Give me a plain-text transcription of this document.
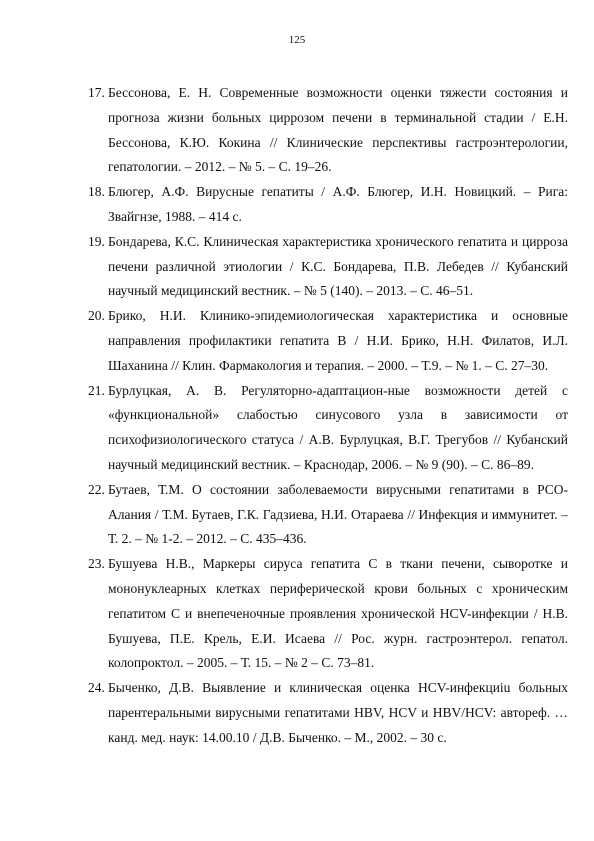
125
17. Бессонова, Е. Н. Современные возможности оценки тяжести состояния и прогноза жизни больных циррозом печени в терминальной стадии / Е.Н. Бессонова, К.Ю. Кокина // Клинические перспективы гастроэнтерологии, гепатологии. – 2012. – № 5. – С. 19–26.
18. Блюгер, А.Ф. Вирусные гепатиты / А.Ф. Блюгер, И.Н. Новицкий. – Рига: Звайгнзе, 1988. – 414 с.
19. Бондарева, К.С. Клиническая характеристика хронического гепатита и цирроза печени различной этиологии / К.С. Бондарева, П.В. Лебедев // Кубанский научный медицинский вестник. – № 5 (140). – 2013. – С. 46–51.
20. Брико, Н.И. Клинико-эпидемиологическая характеристика и основные направления профилактики гепатита В / Н.И. Брико, Н.Н. Филатов, И.Л. Шаханина // Клин. Фармакология и терапия. – 2000. – Т.9. – № 1. – С. 27–30.
21. Бурлуцкая, А. В. Регуляторно-адаптацион-ные возможности детей с «функциональной» слабостью синусового узла в зависимости от психофизиологического статуса / А.В. Бурлуцкая, В.Г. Трегубов // Кубанский научный медицинский вестник. – Краснодар, 2006. – № 9 (90). – С. 86–89.
22. Бутаев, Т.М. О состоянии заболеваемости вирусными гепатитами в РСО-Алания / Т.М. Бутаев, Г.К. Гадзиева, Н.И. Отараева // Инфекция и иммунитет. – Т. 2. – № 1-2. – 2012. – С. 435–436.
23. Бушуева Н.В., Маркеры сируса гепатита С в ткани печени, сыворотке и мононуклеарных клетках периферической крови больных с хроническим гепатитом С и внепеченочные проявления хронической HCV-инфекции / Н.В. Бушуева, П.Е. Крель, Е.И. Исаева // Рос. журн. гастроэнтерол. гепатол. колопроктол. – 2005. – Т. 15. – № 2 – С. 73–81.
24. Быченко, Д.В. Выявление и клиническая оценка HCV-инфекциiu больных парентеральными вирусными гепатитами HBV, HCV и HBV/HCV: автореф. … канд. мед. наук: 14.00.10 / Д.В. Быченко. – М., 2002. – 30 с.
